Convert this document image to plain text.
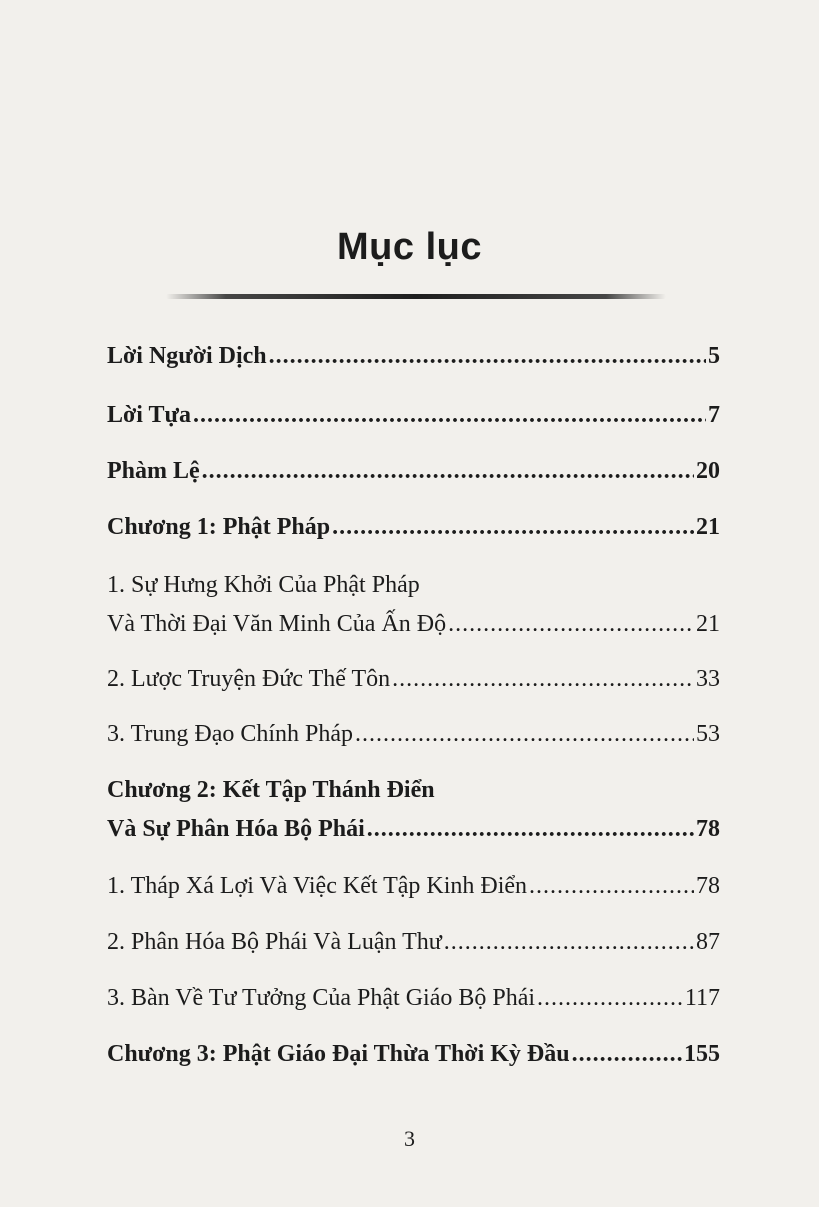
Mục lục
Lời Người Dịch .....	5
Lời Tựa .....	7
Phàm Lệ .....	20
Chương 1: Phật Pháp .....	21
1. Sự Hưng Khởi Của Phật Pháp
Và Thời Đại Văn Minh Của Ấn Độ .....	21
2. Lược Truyện Đức Thế Tôn .....	33
3. Trung Đạo Chính Pháp .....	53
Chương 2: Kết Tập Thánh Điển
Và Sự Phân Hóa Bộ Phái .....	78
1. Tháp Xá Lợi Và Việc Kết Tập Kinh Điển .....	78
2. Phân Hóa Bộ Phái Và Luận Thư .....	87
3. Bàn Về Tư Tưởng Của Phật Giáo Bộ Phái .....	117
Chương 3: Phật Giáo Đại Thừa Thời Kỳ Đầu .....	155
3
